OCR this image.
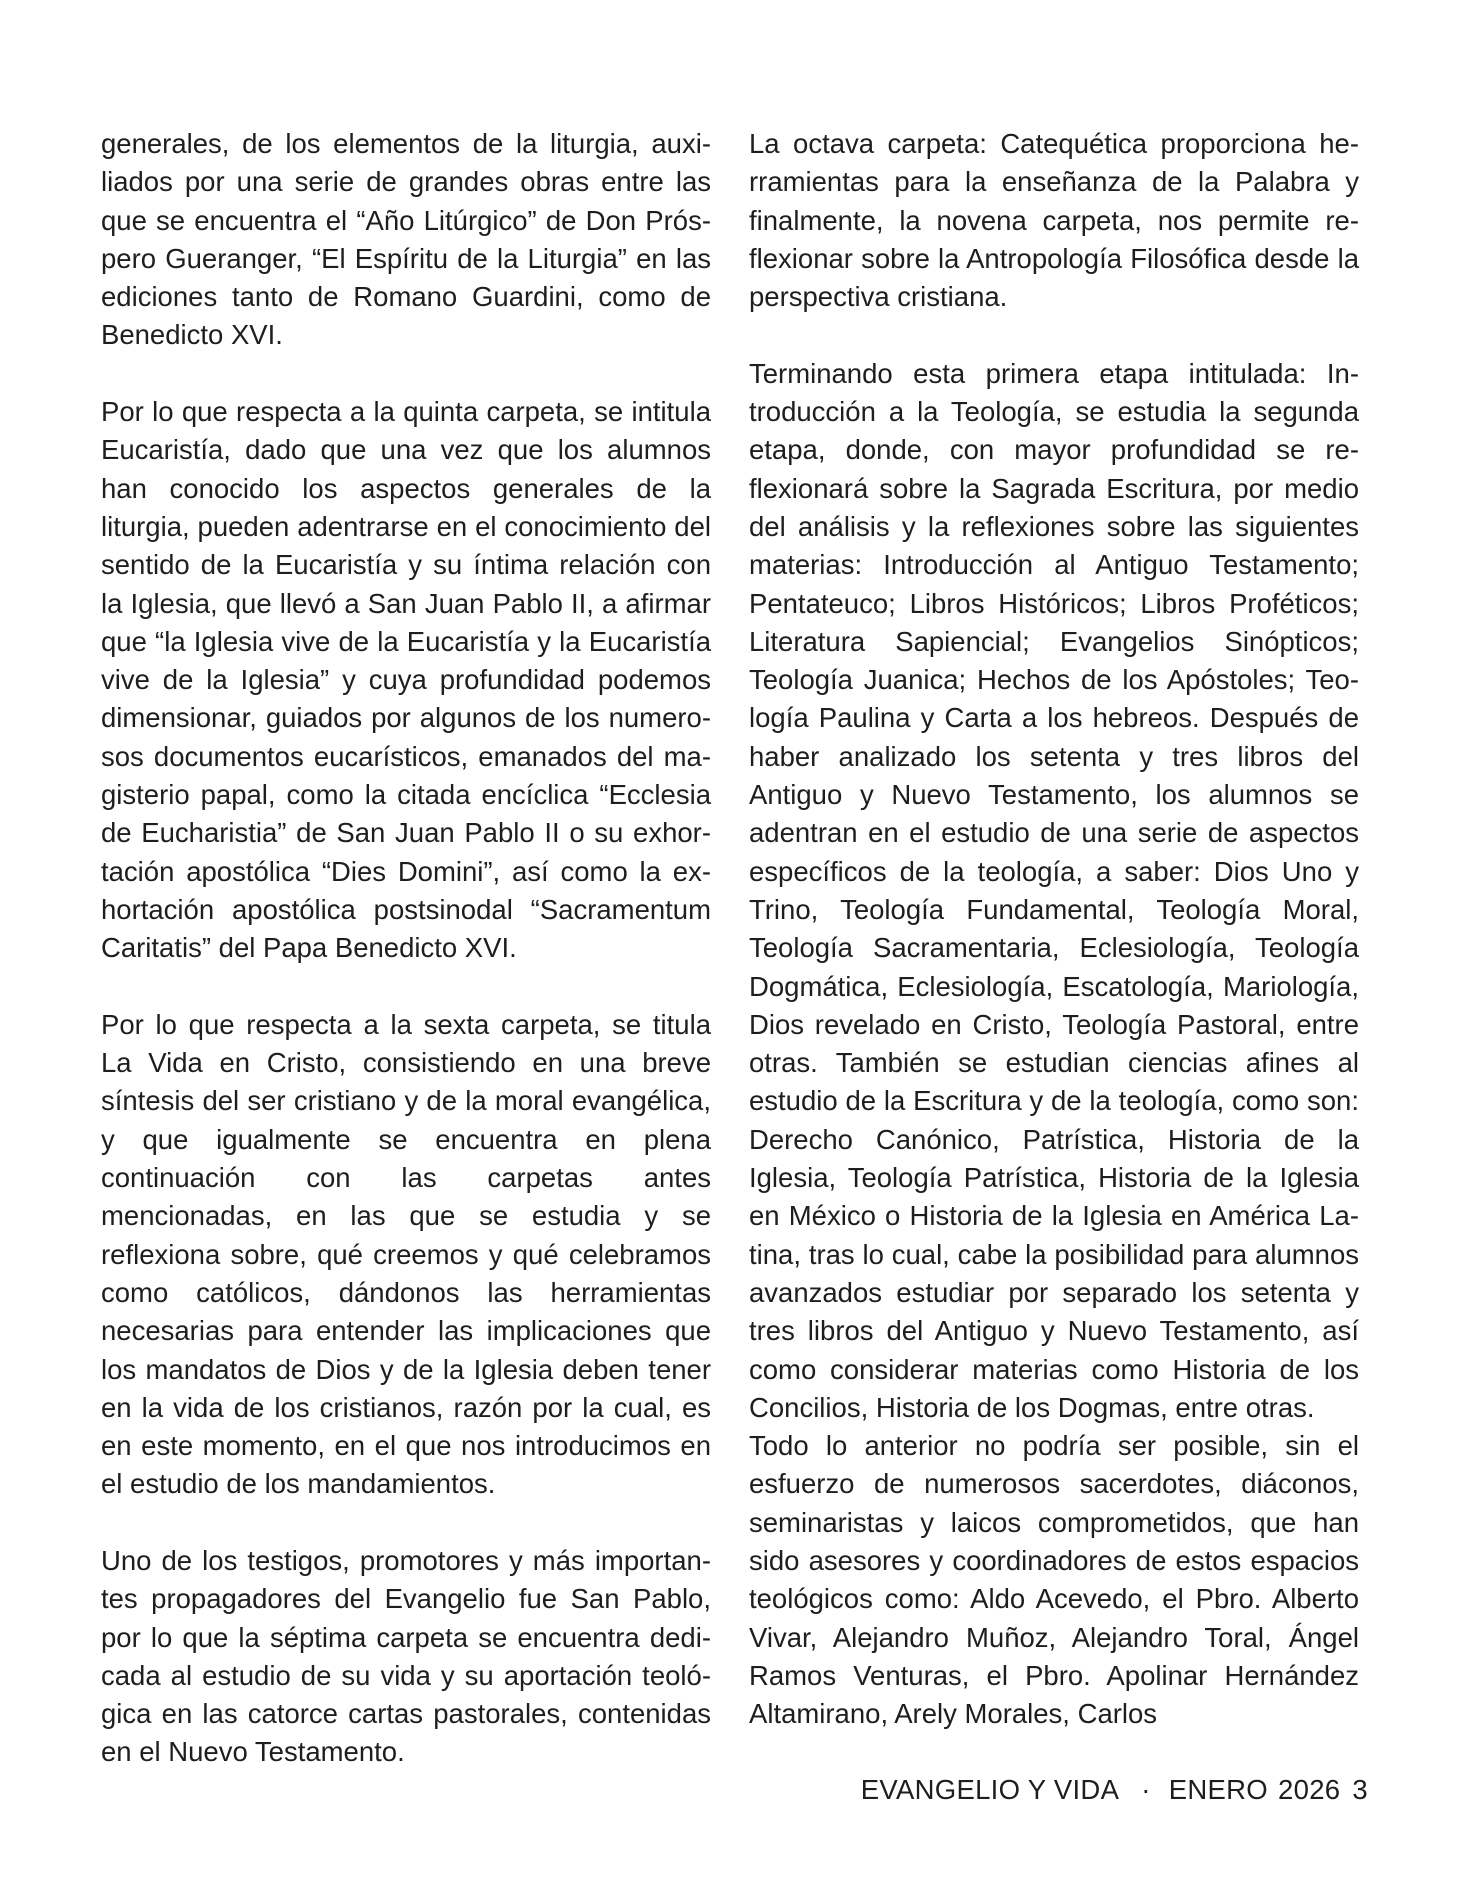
generales, de los elementos de la liturgia, auxiliados por una serie de grandes obras entre las que se encuentra el “Año Litúrgico” de Don Próspero Gueranger, “El Espíritu de la Liturgia” en las ediciones tanto de Romano Guardini, como de Benedicto XVI.

Por lo que respecta a la quinta carpeta, se intitula Eucaristía, dado que una vez que los alumnos han conocido los aspectos generales de la liturgia, pueden adentrarse en el conocimiento del sentido de la Eucaristía y su íntima relación con la Iglesia, que llevó a San Juan Pablo II, a afirmar que “la Iglesia vive de la Eucaristía y la Eucaristía vive de la Iglesia” y cuya profundidad podemos dimensionar, guiados por algunos de los numerosos documentos eucarísticos, emanados del magisterio papal, como la citada encíclica “Ecclesia de Eucharistia” de San Juan Pablo II o su exhortación apostólica “Dies Domini”, así como la exhortación apostólica postsinodal “Sacramentum Caritatis” del Papa Benedicto XVI.

Por lo que respecta a la sexta carpeta, se titula La Vida en Cristo, consistiendo en una breve síntesis del ser cristiano y de la moral evangélica, y que igualmente se encuentra en plena continuación con las carpetas antes mencionadas, en las que se estudia y se reflexiona sobre, qué creemos y qué celebramos como católicos, dándonos las herramientas necesarias para entender las implicaciones que los mandatos de Dios y de la Iglesia deben tener en la vida de los cristianos, razón por la cual, es en este momento, en el que nos introducimos en el estudio de los mandamientos.

Uno de los testigos, promotores y más importantes propagadores del Evangelio fue San Pablo, por lo que la séptima carpeta se encuentra dedicada al estudio de su vida y su aportación teológica en las catorce cartas pastorales, contenidas en el Nuevo Testamento.

La octava carpeta: Catequética proporciona herramientas para la enseñanza de la Palabra y finalmente, la novena carpeta, nos permite reflexionar sobre la Antropología Filosófica desde la perspectiva cristiana.

Terminando esta primera etapa intitulada: Introducción a la Teología, se estudia la segunda etapa, donde, con mayor profundidad se reflexionará sobre la Sagrada Escritura, por medio del análisis y la reflexiones sobre las siguientes materias: Introducción al Antiguo Testamento; Pentateuco; Libros Históricos; Libros Proféticos; Literatura Sapiencial; Evangelios Sinópticos; Teología Juanica; Hechos de los Apóstoles; Teología Paulina y Carta a los hebreos. Después de haber analizado los setenta y tres libros del Antiguo y Nuevo Testamento, los alumnos se adentran en el estudio de una serie de aspectos específicos de la teología, a saber: Dios Uno y Trino, Teología Fundamental, Teología Moral, Teología Sacramentaria, Eclesiología, Teología Dogmática, Eclesiología, Escatología, Mariología, Dios revelado en Cristo, Teología Pastoral, entre otras. También se estudian ciencias afines al estudio de la Escritura y de la teología, como son: Derecho Canónico, Patrística, Historia de la Iglesia, Teología Patrística, Historia de la Iglesia en México o Historia de la Iglesia en América Latina, tras lo cual, cabe la posibilidad para alumnos avanzados estudiar por separado los setenta y tres libros del Antiguo y Nuevo Testamento, así como considerar materias como Historia de los Concilios, Historia de los Dogmas, entre otras.

Todo lo anterior no podría ser posible, sin el esfuerzo de numerosos sacerdotes, diáconos, seminaristas y laicos comprometidos, que han sido asesores y coordinadores de estos espacios teológicos como: Aldo Acevedo, el Pbro. Alberto Vivar, Alejandro Muñoz, Alejandro Toral, Ángel Ramos Venturas, el Pbro. Apolinar Hernández Altamirano, Arely Morales, Carlos

EVANGELIO Y VIDA · ENERO 2026 3
